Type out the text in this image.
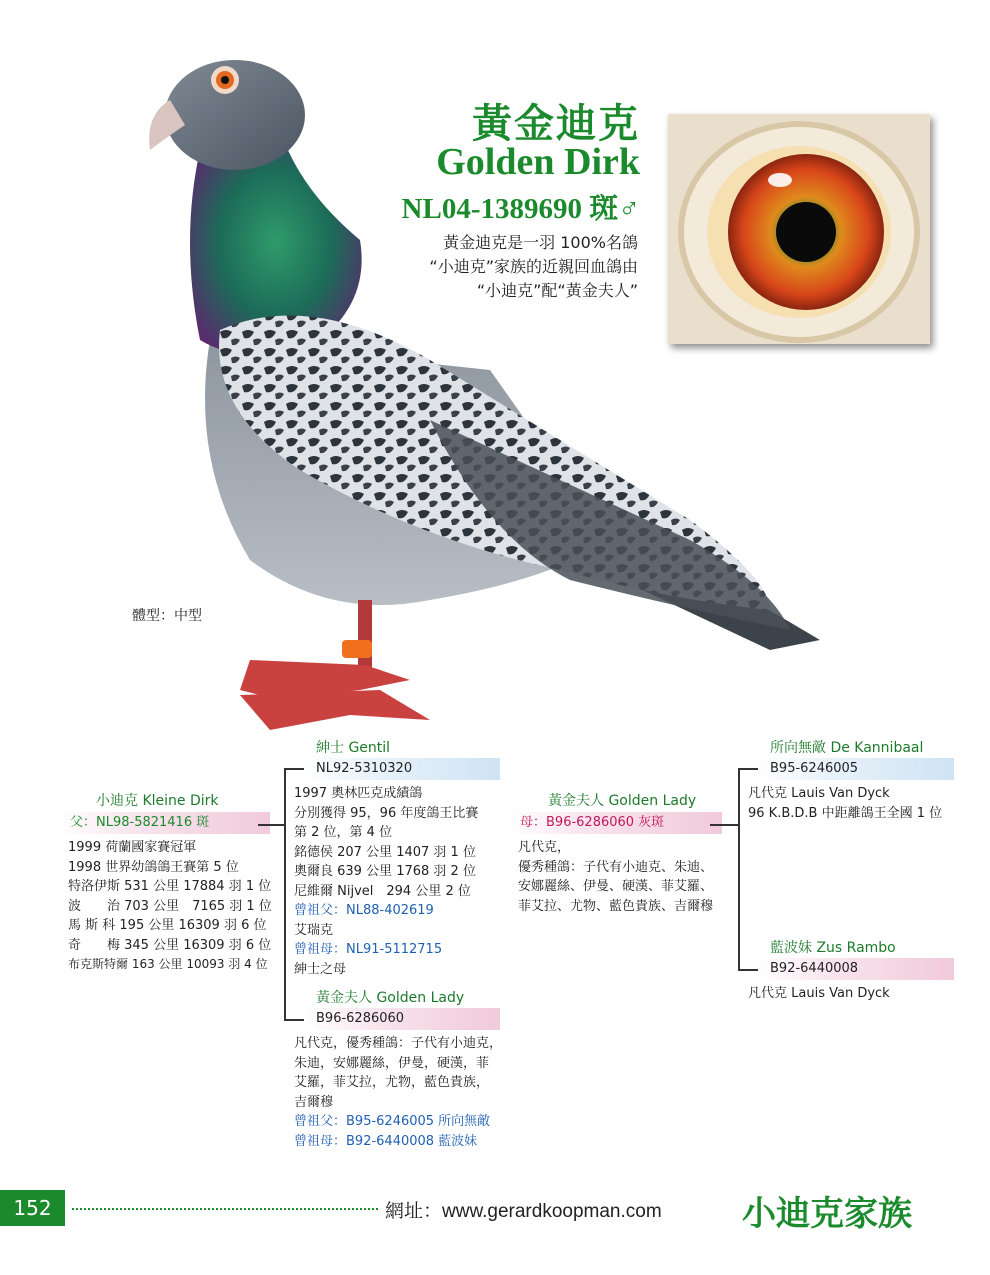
黃金迪克
Golden Dirk
NL04-1389690 斑♂
黃金迪克是一羽 100%名鴿
“小迪克”家族的近親回血鴿由
“小迪克”配“黃金夫人”
體型：中型
小迪克 Kleine Dirk
父：NL98-5821416 斑
1999 荷蘭國家賽冠軍
1998 世界幼鴿鴿王賽第 5 位
特洛伊斯 531 公里 17884 羽 1 位
波　　治 703 公里　7165 羽 1 位
馬 斯 科 195 公里 16309 羽 6 位
奇　　梅 345 公里 16309 羽 6 位
布克斯特爾 163 公里 10093 羽 4 位
紳士 Gentil
NL92-5310320
1997 奧林匹克成績鴿
分別獲得 95，96 年度鴿王比賽
第 2 位，第 4 位
銘德侯 207 公里 1407 羽 1 位
奧爾良 639 公里 1768 羽 2 位
尼維爾 Nijvel　294 公里 2 位
曾祖父：NL88-402619
艾瑞克
曾祖母：NL91-5112715
紳士之母
黃金夫人 Golden Lady
B96-6286060
凡代克，優秀種鴿：子代有小迪克，
朱迪，安娜麗絲，伊曼，硬漢，菲
艾羅，菲艾拉，尤物，藍色貴族，
吉爾穆
曾祖父：B95-6246005 所向無敵
曾祖母：B92-6440008 藍波妹
黃金夫人 Golden Lady
母：B96-6286060 灰斑
凡代克，
優秀種鴿：子代有小迪克、朱迪、
安娜麗絲、伊曼、硬漢、菲艾羅、
菲艾拉、尤物、藍色貴族、吉爾穆
所向無敵 De Kannibaal
B95-6246005
凡代克 Lauis Van Dyck
96 K.B.D.B 中距離鴿王全國 1 位
藍波妹 Zus Rambo
B92-6440008
凡代克 Lauis Van Dyck
152	網址：www.gerardkoopman.com 小迪克家族
